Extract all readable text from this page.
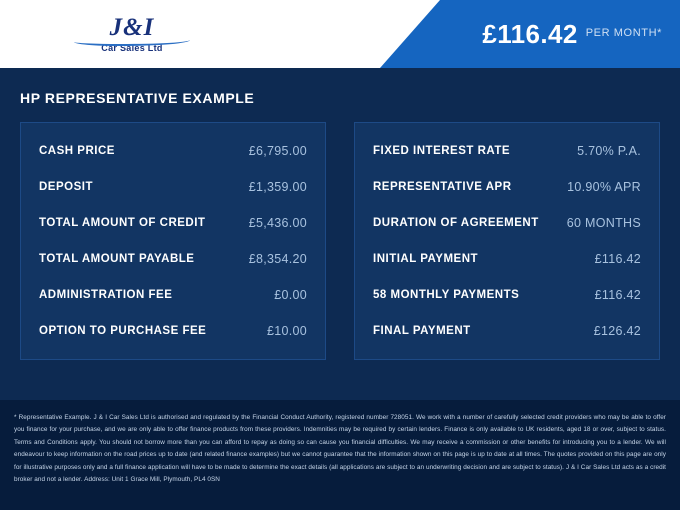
J&I
Car Sales Ltd	£116.42 PER MONTH*
HP REPRESENTATIVE EXAMPLE
CASH PRICE	£6,795.00
DEPOSIT	£1,359.00
TOTAL AMOUNT OF CREDIT	£5,436.00
TOTAL AMOUNT PAYABLE	£8,354.20
ADMINISTRATION FEE	£0.00
OPTION TO PURCHASE FEE	£10.00
FIXED INTEREST RATE	5.70% P.A.
REPRESENTATIVE APR	10.90% APR
DURATION OF AGREEMENT 60 MONTHS
INITIAL PAYMENT	£116.42
58 MONTHLY PAYMENTS	£116.42
FINAL PAYMENT	£126.42

* Representative Example. J & I Car Sales Ltd is authorised and regulated by the Financial Conduct Authority, registered number 728051. We work with a number of carefully selected credit providers who may be able to offer you finance for your purchase, and we are only able to offer finance products from these providers. Indemnities may be required by certain lenders. Finance is only available to UK residents, aged 18 or over, subject to status. Terms and Conditions apply. You should not borrow more than you can afford to repay as doing so can cause you financial difficulties. We may receive a commission or other benefits for introducing you to a lender. We will endeavour to keep information on the road prices up to date (and related finance examples) but we cannot guarantee that the information shown on this page is up to date at all times. The quotes provided on this page are only for illustrative purposes only and a full finance application will have to be made to determine the exact details (all applications are subject to an underwriting decision and are subject to status). J & I Car Sales Ltd acts as a credit broker and not a lender. Address: Unit 1 Grace Mill, Plymouth, PL4 0SN
